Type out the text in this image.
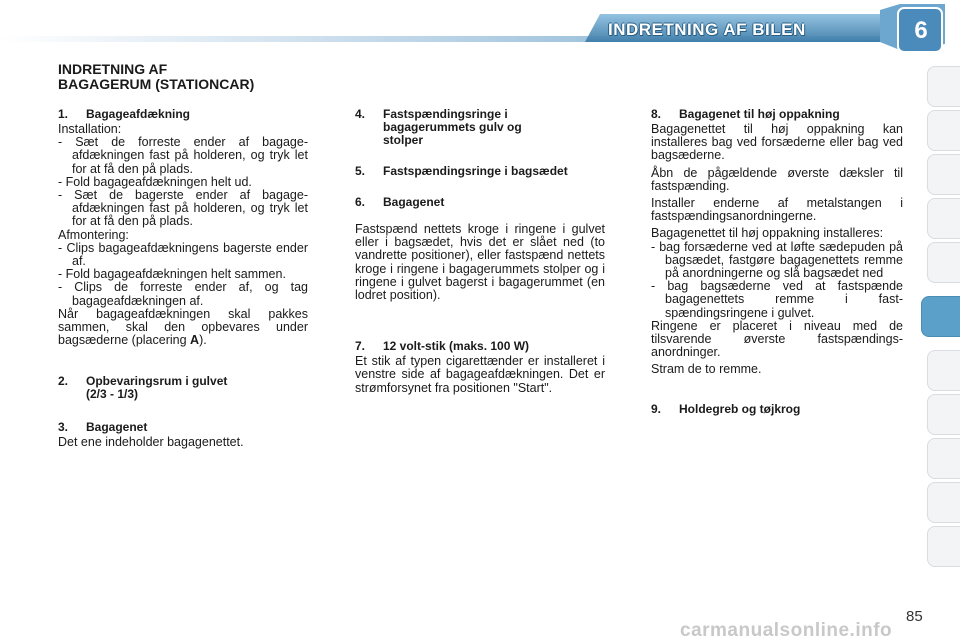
INDRETNING AF BILEN	6
INDRETNING AF
BAGAGERUM (STATIONCAR)
1. Bagageafdækning

Installation:

- Sæt de forreste ender af bagageafdækningen fast på holderen, og tryk let for at få den på plads.
- Fold bagageafdækningen helt ud.
- Sæt de bagerste ender af bagageafdækningen fast på holderen, og tryk let for at få den på plads.

Afmontering:

- Clips bagageafdækningens bagerste ender af.
- Fold bagageafdækningen helt sammen.
- Clips de forreste ender af, og tag bagageafdækningen af.

Når bagageafdækningen skal pakkes sammen, skal den opbevares under bagsæderne (placering A).

2. Opbevaringsrum i gulvet
(2/3 - 1/3)
3. Bagagenet

Det ene indeholder bagagenettet.

4. Fastspændingsringe i
bagagerummets gulv og
stolper
5. Fastspændingsringe i bagsædet
6. Bagagenet

Fastspænd nettets kroge i ringene i gulvet eller i bagsædet, hvis det er slået ned (to vandrette positioner), eller fastspænd nettets kroge i ringene i bagagerummets stolper og i ringene i gulvet bagerst i bagagerummet (en lodret position).

7. 12 volt-stik (maks. 100 W)

Et stik af typen cigarettænder er installeret i venstre side af bagageafdækningen. Det er strømforsynet fra positionen "Start".

8. Bagagenet til høj oppakning

Bagagenettet til høj oppakning kan installeres bag ved forsæderne eller bag ved bagsæderne.

Åbn de pågældende øverste dæksler til fastspænding.

Installer enderne af metalstangen i fastspændingsanordningerne.

Bagagenettet til høj oppakning installeres:

- bag forsæderne ved at løfte sædepuden på bagsædet, fastgøre bagagenettets remme på anordningerne og slå bagsædet ned
- bag bagsæderne ved at fastspænde bagagenettets remme i fastspændingsringene i gulvet.

Ringene er placeret i niveau med de tilsvarende øverste fastspændingsanordninger.

Stram de to remme.

9. Holdegreb og tøjkrog
85
carmanualsonline.info
